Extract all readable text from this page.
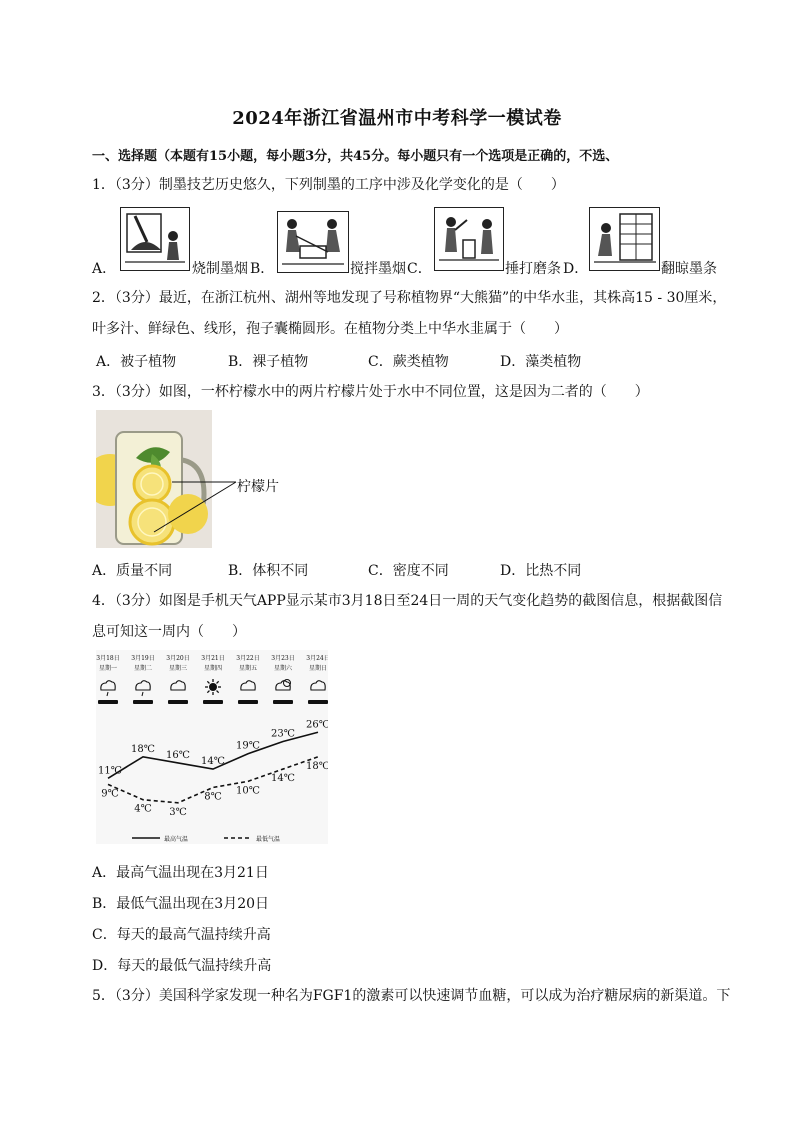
2024年浙江省温州市中考科学一模试卷
一、选择题（本题有15小题，每小题3分，共45分。每小题只有一个选项是正确的，不选、
1．（3分）制墨技艺历史悠久，下列制墨的工序中涉及化学变化的是（　　）
A．	烧制墨烟 B．	搅拌墨烟 C．	捶打磨条 D．	翻晾墨条
2．（3分）最近，在浙江杭州、湖州等地发现了号称植物界“大熊猫”的中华水韭，其株高15 - 30厘米，
叶多汁、鲜绿色、线形，孢子囊椭圆形。在植物分类上中华水韭属于（　　）
A．被子植物	B．裸子植物	C．蕨类植物	D．藻类植物
3．（3分）如图，一杯柠檬水中的两片柠檬片处于水中不同位置，这是因为二者的（　　）
柠檬片
A．质量不同	B．体积不同	C．密度不同	D．比热不同
4．（3分）如图是手机天气APP显示某市3月18日至24日一周的天气变化趋势的截图信息，根据截图信
息可知这一周内（　　）
3月18日
星期一
3月19日
星期二
3月20日
星期三
3月21日
星期四
3月22日
星期五
3月23日
星期六
3月24日
星期日
11℃
18℃
16℃
14℃
19℃
23℃
26℃
9℃
4℃ 3℃
8℃
10℃
14℃
18℃
最高气温	最低气温
A．最高气温出现在3月21日
B．最低气温出现在3月20日
C．每天的最高气温持续升高
D．每天的最低气温持续升高
5．（3分）美国科学家发现一种名为FGF1的激素可以快速调节血糖，可以成为治疗糖尿病的新渠道。下
